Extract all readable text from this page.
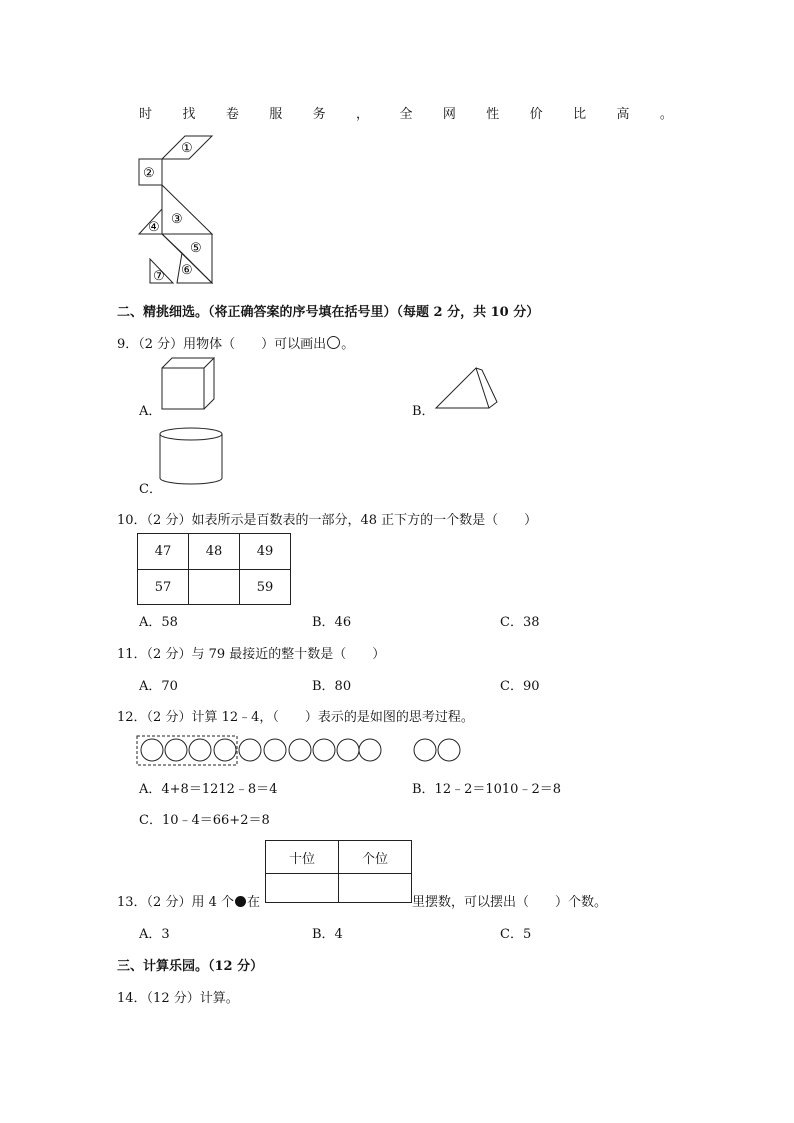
时 找 卷 服 务 ， 全 网 性 价 比 高 。
①
②
③
④
⑤
⑥
⑦
二、精挑细选。（将正确答案的序号填在括号里）（每题 2 分，共 10 分）
9．（2 分）用物体（　　）可以画出 。
A．	B．
C．
10．（2 分）如表所示是百数表的一部分，48 正下方的一个数是（　　）
47	48	49
57		59
A．58	B．46	C．38
11．（2 分）与 79 最接近的整十数是（　　）
A．70	B．80	C．90
12．（2 分）计算 12﹣4，（　　）表示的是如图的思考过程。
A．4+8＝1212﹣8＝4	B．12﹣2＝1010﹣2＝8
C．10﹣4＝66+2＝8
13．（2 分）用 4 个 在
十位	个位

里摆数，可以摆出（　　）个数。
A．3	B．4	C．5
三、计算乐园。（12 分）
14．（12 分）计算。
